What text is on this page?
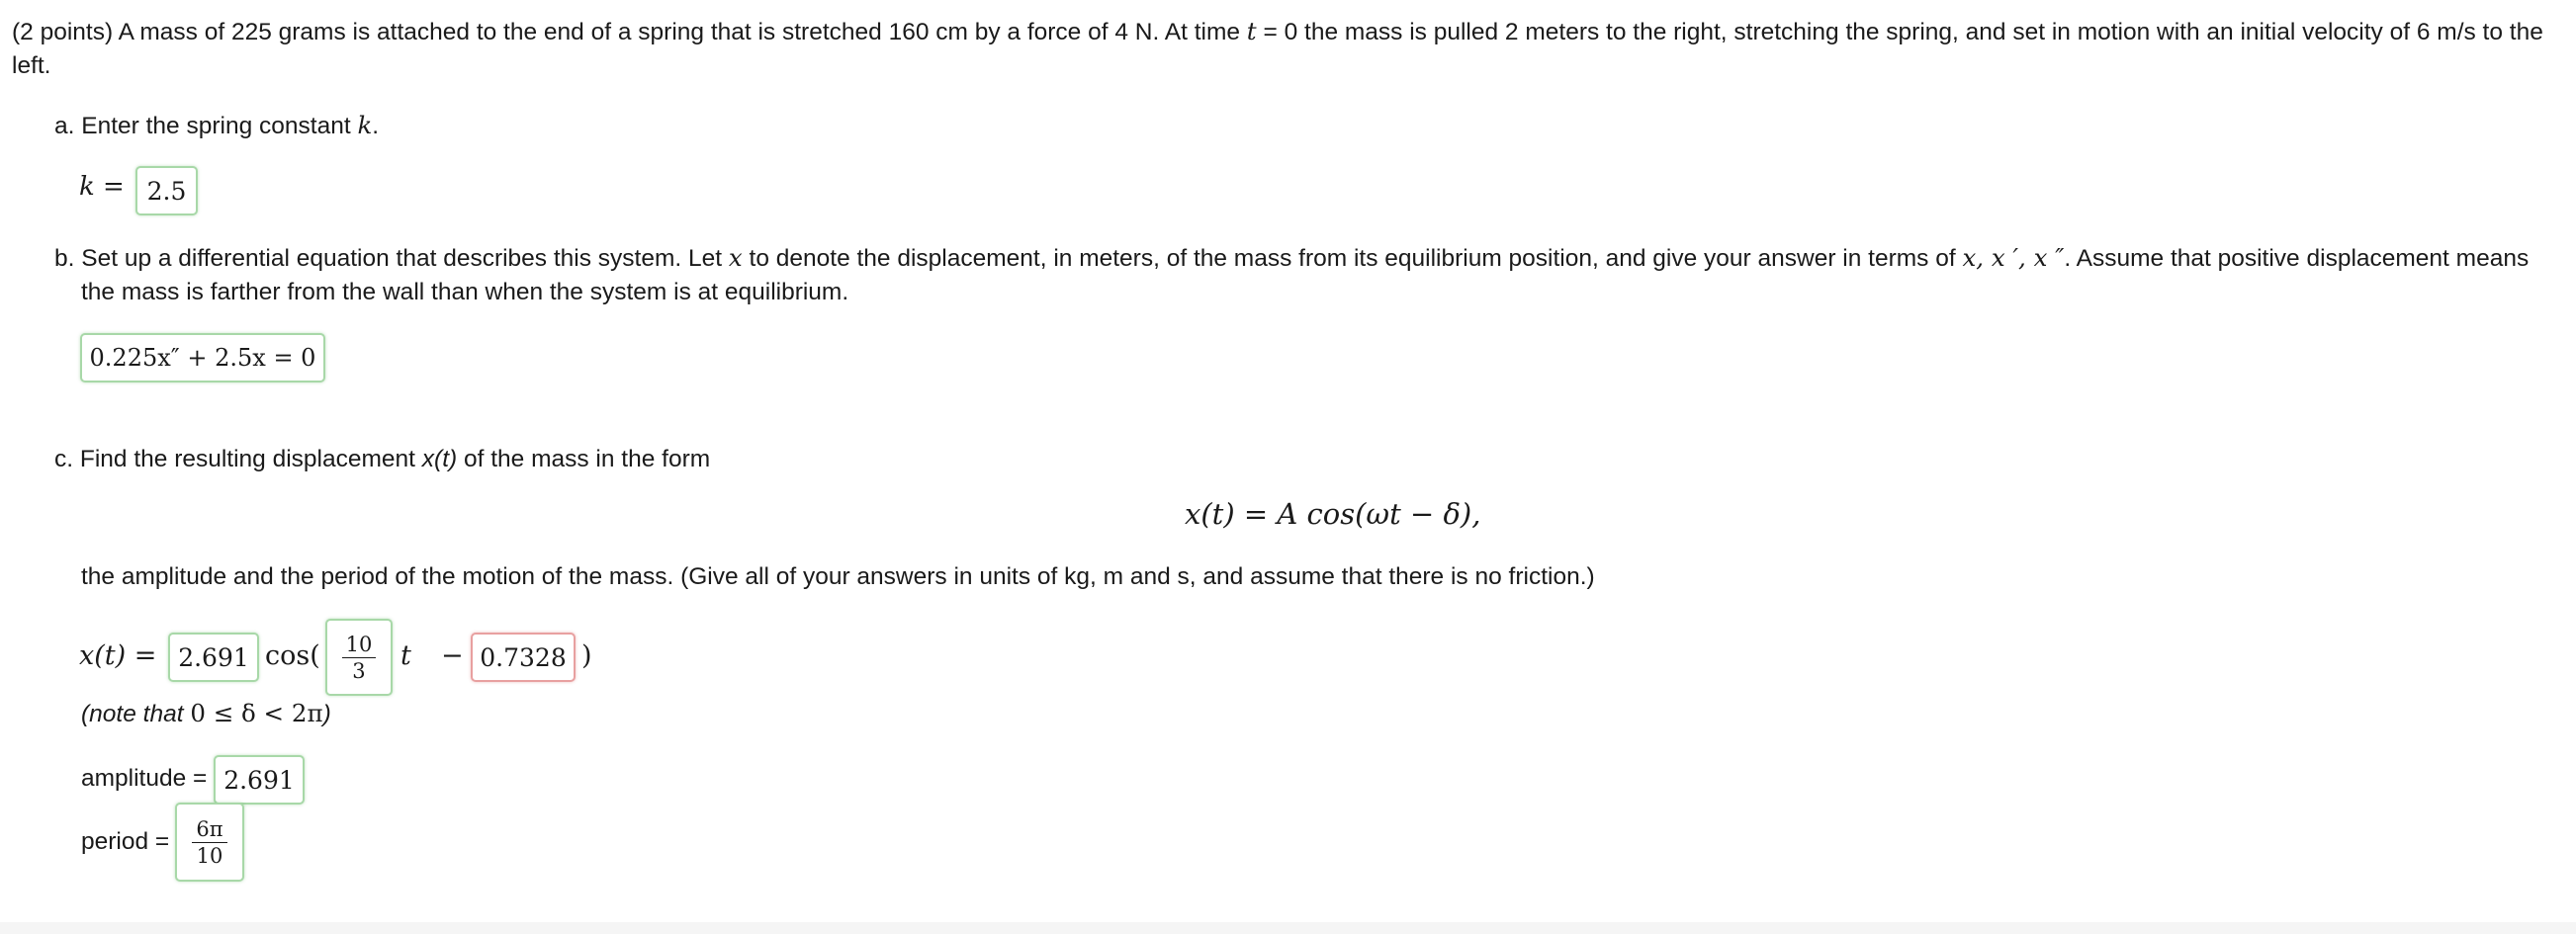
(2 points) A mass of 225 grams is attached to the end of a spring that is stretched 160 cm by a force of 4 N. At time t = 0 the mass is pulled 2 meters to the right, stretching the spring, and set in motion with an initial velocity of 6 m/s to the
left.
a. Enter the spring constant k.
k = 2.5
b. Set up a differential equation that describes this system. Let x to denote the displacement, in meters, of the mass from its equilibrium position, and give your answer in terms of x, x ′, x ″. Assume that positive displacement means
the mass is farther from the wall than when the system is at equilibrium.
0.225x″ + 2.5x = 0
c. Find the resulting displacement x(t) of the mass in the form
x(t) = A cos(ωt − δ),
the amplitude and the period of the motion of the mass. (Give all of your answers in units of kg, m and s, and assume that there is no friction.)
x(t) = 2.691 $\cos( \frac{10}{3}$ t − 0.7328 )
(note that 0 ≤ δ < 2π)
amplitude = 2.691
period = $\frac{6\pi}{10}$
